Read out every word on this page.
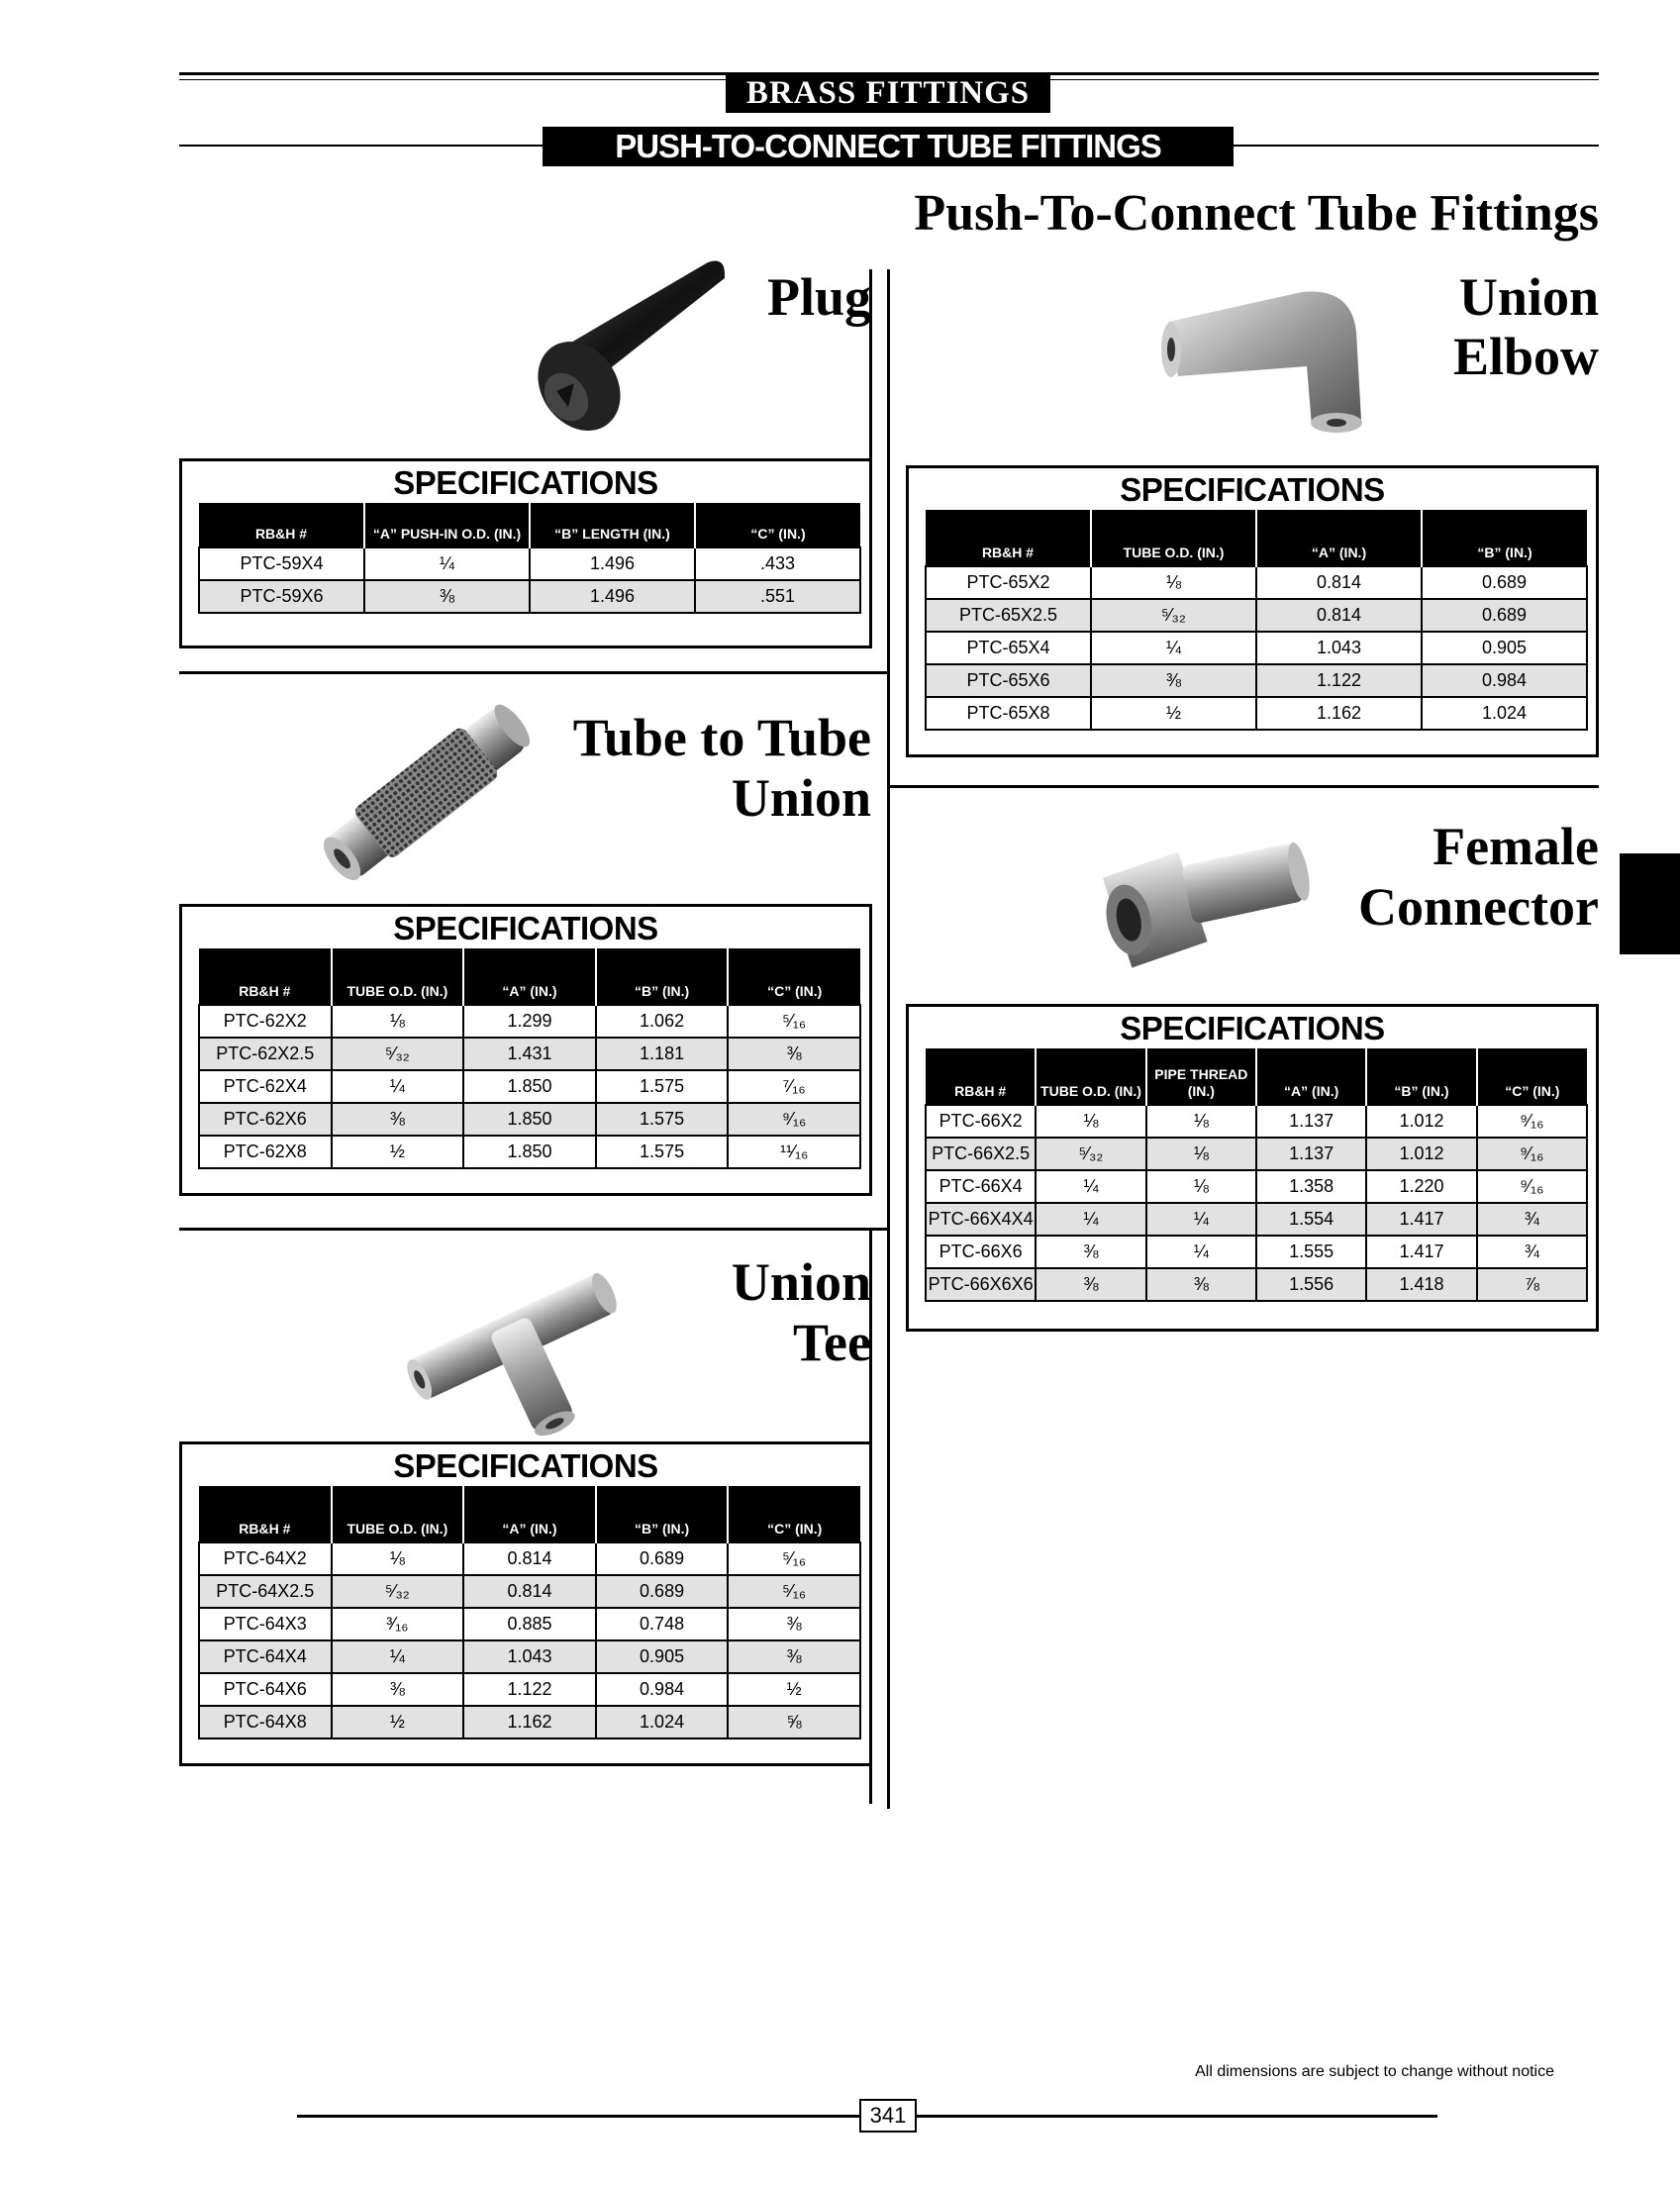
BRASS FITTINGS
PUSH-TO-CONNECT TUBE FITTINGS
Push-To-Connect Tube Fittings
Plug
SPECIFICATIONS
RB&H #	“A” PUSH-IN O.D. (IN.)	“B” LENGTH (IN.)	“C” (IN.)
PTC-59X4	¼	1.496	.433
PTC-59X6	⅜	1.496	.551
Tube to Tube
Union
SPECIFICATIONS
RB&H #	TUBE O.D. (IN.)	“A” (IN.)	“B” (IN.)	“C” (IN.)
PTC-62X2	⅛	1.299	1.062	⁵⁄₁₆
PTC-62X2.5	⁵⁄₃₂	1.431	1.181	⅜
PTC-62X4	¼	1.850	1.575	⁷⁄₁₆
PTC-62X6	⅜	1.850	1.575	⁹⁄₁₆
PTC-62X8	½	1.850	1.575	¹¹⁄₁₆
Union
Tee
SPECIFICATIONS
RB&H #	TUBE O.D. (IN.)	“A” (IN.)	“B” (IN.)	“C” (IN.)
PTC-64X2	⅛	0.814	0.689	⁵⁄₁₆
PTC-64X2.5	⁵⁄₃₂	0.814	0.689	⁵⁄₁₆
PTC-64X3	³⁄₁₆	0.885	0.748	⅜
PTC-64X4	¼	1.043	0.905	⅜
PTC-64X6	⅜	1.122	0.984	½
PTC-64X8	½	1.162	1.024	⅝
Union
Elbow
SPECIFICATIONS
RB&H #	TUBE O.D. (IN.)	“A” (IN.)	“B” (IN.)
PTC-65X2	⅛	0.814	0.689
PTC-65X2.5	⁵⁄₃₂	0.814	0.689
PTC-65X4	¼	1.043	0.905
PTC-65X6	⅜	1.122	0.984
PTC-65X8	½	1.162	1.024
Female
Connector
SPECIFICATIONS
RB&H #	TUBE O.D. (IN.)	PIPE THREAD (IN.)	“A” (IN.)	“B” (IN.)	“C” (IN.)
PTC-66X2	⅛	⅛	1.137	1.012	⁹⁄₁₆
PTC-66X2.5	⁵⁄₃₂	⅛	1.137	1.012	⁹⁄₁₆
PTC-66X4	¼	⅛	1.358	1.220	⁹⁄₁₆
PTC-66X4X4	¼	¼	1.554	1.417	¾
PTC-66X6	⅜	¼	1.555	1.417	¾
PTC-66X6X6	⅜	⅜	1.556	1.418	⅞
All dimensions are subject to change without notice
341
